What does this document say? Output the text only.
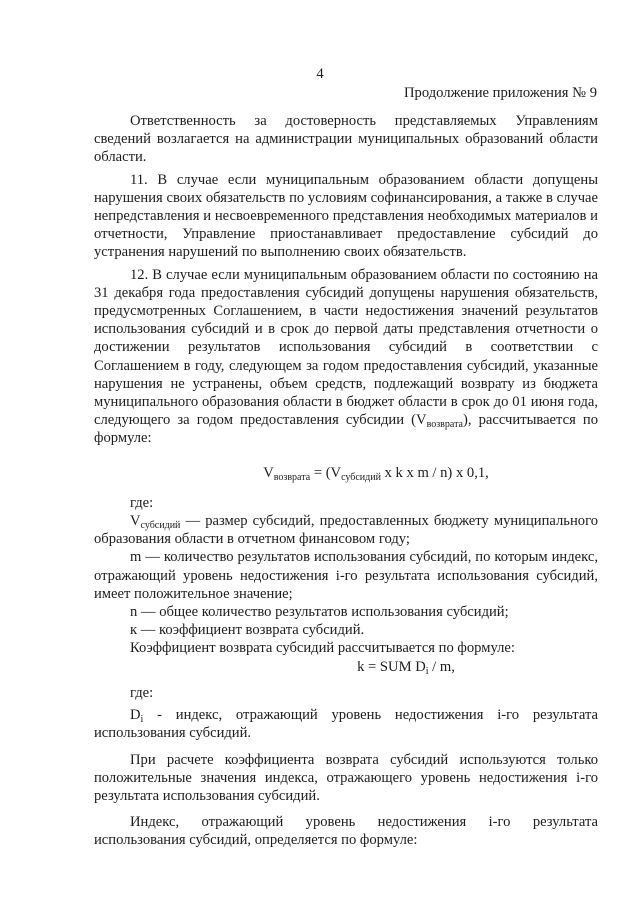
4
Продолжение приложения № 9

Ответственность за достоверность представляемых Управлениям сведений возлагается на администрации муниципальных образований области области.

11. В случае если муниципальным образованием области допущены нарушения своих обязательств по условиям софинансирования, а также в случае непредставления и несвоевременного представления необходимых материалов и отчетности, Управление приостанавливает предоставление субсидий до устранения нарушений по выполнению своих обязательств.

12. В случае если муниципальным образованием области по состоянию на 31 декабря года предоставления субсидий допущены нарушения обязательств, предусмотренных Соглашением, в части недостижения значений результатов использования субсидий и в срок до первой даты представления отчетности о достижении результатов использования субсидий в соответствии с Соглашением в году, следующем за годом предоставления субсидий, указанные нарушения не устранены, объем средств, подлежащий возврату из бюджета муниципального образования области в бюджет области в срок до 01 июня года, следующего за годом предоставления субсидии $(V_{возврата})$, рассчитывается по формуле:

$V_{возврата} = (V_{субсидий}$ x k x m / n) x 0,1,

где:

$V_{субсидий}$ — размер субсидий, предоставленных бюджету муниципального образования области в отчетном финансовом году;

m — количество результатов использования субсидий, по которым индекс, отражающий уровень недостижения i-го результата использования субсидий, имеет положительное значение;

n — общее количество результатов использования субсидий;

к — коэффициент возврата субсидий.

Коэффициент возврата субсидий рассчитывается по формуле:

k = SUM $D_i$ / m,

где:

$D_i$ - индекс, отражающий уровень недостижения i-го результата использования субсидий.

При расчете коэффициента возврата субсидий используются только положительные значения индекса, отражающего уровень недостижения i-го результата использования субсидий.

Индекс, отражающий уровень недостижения i-го результата использования субсидий, определяется по формуле:
